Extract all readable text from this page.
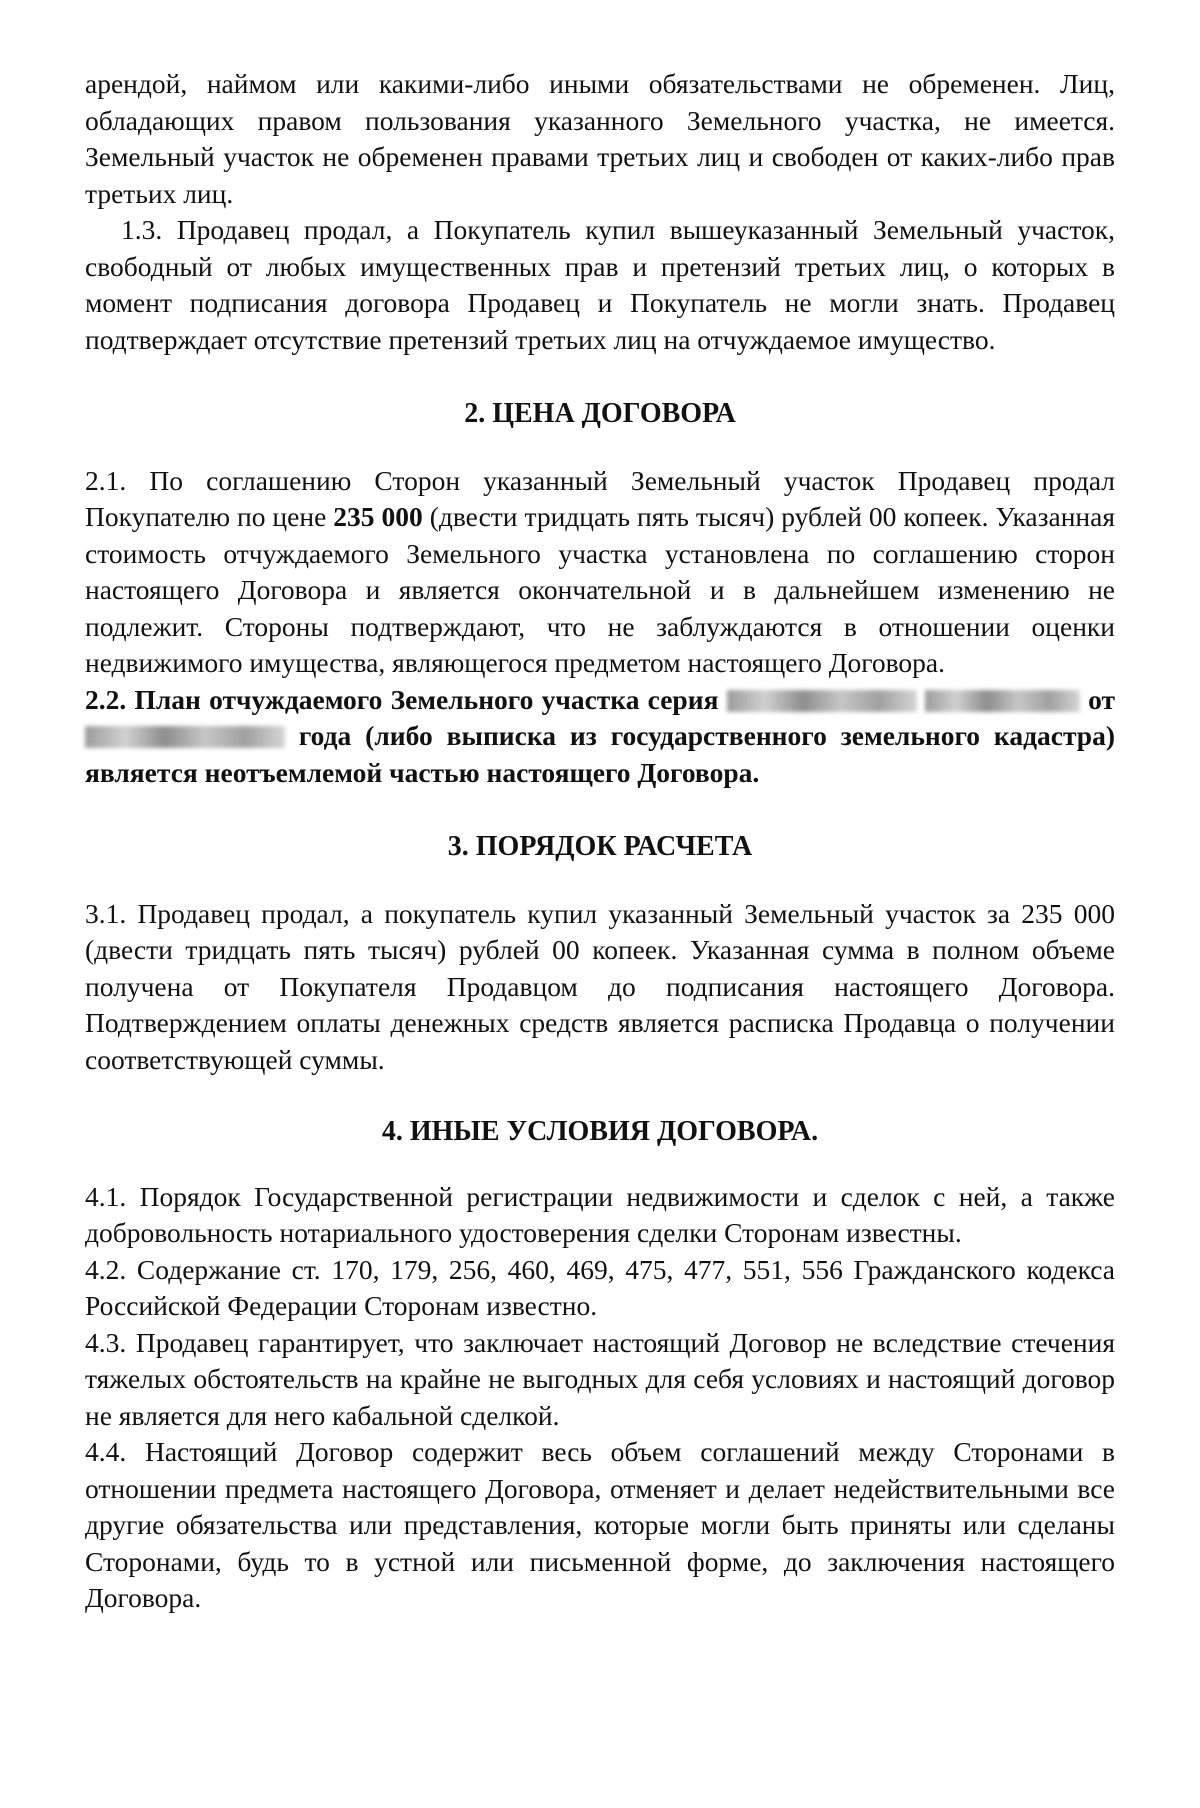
арендой, наймом или какими-либо иными обязательствами не обременен. Лиц, обладающих правом пользования указанного Земельного участка, не имеется. Земельный участок не обременен правами третьих лиц и свободен от каких-либо прав третьих лиц.

1.3. Продавец продал, а Покупатель купил вышеуказанный Земельный участок, свободный от любых имущественных прав и претензий третьих лиц, о которых в момент подписания договора Продавец и Покупатель не могли знать. Продавец подтверждает отсутствие претензий третьих лиц на отчуждаемое имущество.

2. ЦЕНА ДОГОВОРА

2.1. По соглашению Сторон указанный Земельный участок Продавец продал Покупателю по цене 235 000 (двести тридцать пять тысяч) рублей 00 копеек. Указанная стоимость отчуждаемого Земельного участка установлена по соглашению сторон настоящего Договора и является окончательной и в дальнейшем изменению не подлежит. Стороны подтверждают, что не заблуждаются в отношении оценки недвижимого имущества, являющегося предметом настоящего Договора.

2.2. План отчуждаемого Земельного участка серия	от  года (либо выписка из государственного земельного кадастра) является неотъемлемой частью настоящего Договора.

3. ПОРЯДОК РАСЧЕТА

3.1. Продавец продал, а покупатель купил указанный Земельный участок за 235 000 (двести тридцать пять тысяч) рублей 00 копеек. Указанная сумма в полном объеме получена от Покупателя Продавцом до подписания настоящего Договора. Подтверждением оплаты денежных средств является расписка Продавца о получении соответствующей суммы.

4. ИНЫЕ УСЛОВИЯ ДОГОВОРА.

4.1. Порядок Государственной регистрации недвижимости и сделок с ней, а также добровольность нотариального удостоверения сделки Сторонам известны.

4.2. Содержание ст. 170, 179, 256, 460, 469, 475, 477, 551, 556 Гражданского кодекса Российской Федерации Сторонам известно.

4.3. Продавец гарантирует, что заключает настоящий Договор не вследствие стечения тяжелых обстоятельств на крайне не выгодных для себя условиях и настоящий договор не является для него кабальной сделкой.

4.4. Настоящий Договор содержит весь объем соглашений между Сторонами в отношении предмета настоящего Договора, отменяет и делает недействительными все другие обязательства или представления, которые могли быть приняты или сделаны Сторонами, будь то в устной или письменной форме, до заключения настоящего Договора.
